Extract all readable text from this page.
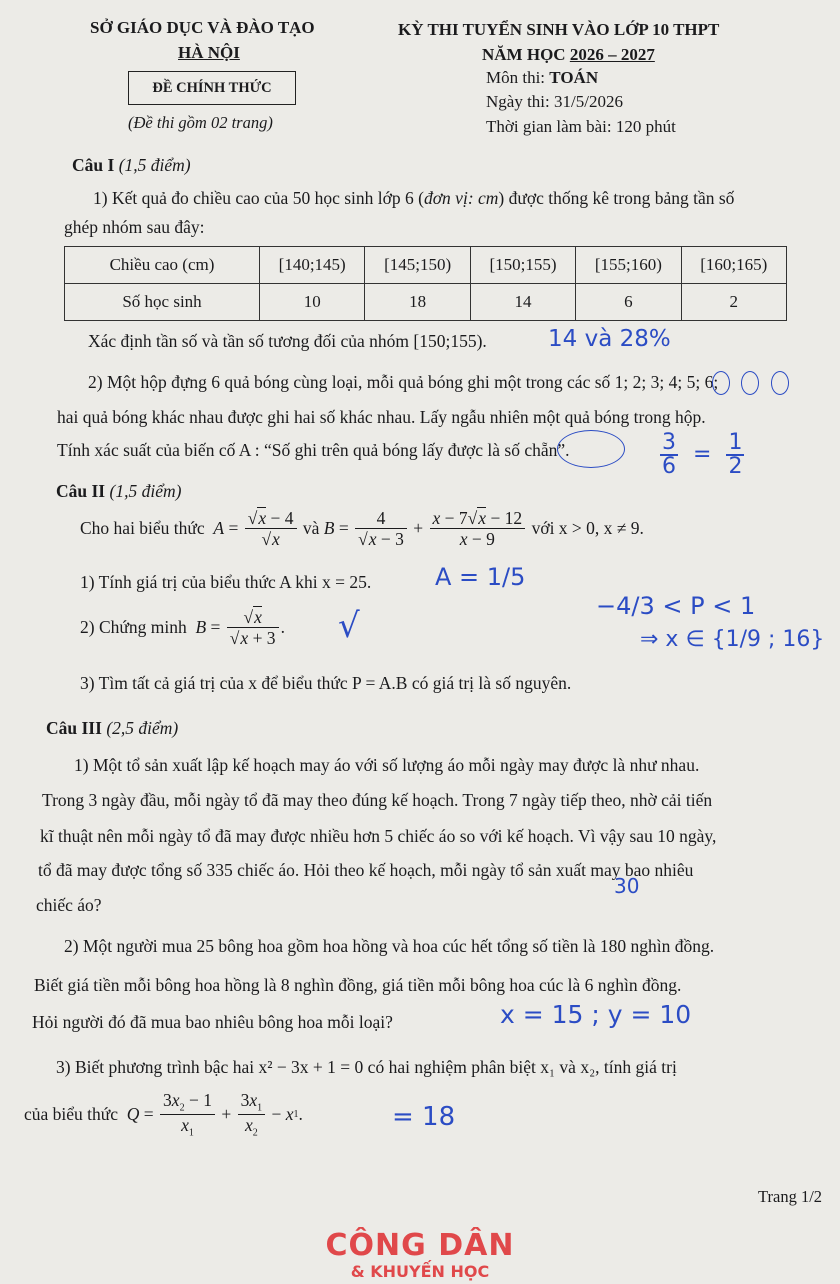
SỞ GIÁO DỤC VÀ ĐÀO TẠO
HÀ NỘI
ĐỀ CHÍNH THỨC
(Đề thi gồm 02 trang)
KỲ THI TUYỂN SINH VÀO LỚP 10 THPT
NĂM HỌC 2026 – 2027
Môn thi: TOÁN
Ngày thi: 31/5/2026
Thời gian làm bài: 120 phút
Câu I (1,5 điểm)
1) Kết quả đo chiều cao của 50 học sinh lớp 6 (đơn vị: cm) được thống kê trong bảng tần số
ghép nhóm sau đây:
Chiều cao (cm)	[140;145)	[145;150)	[150;155)	[155;160)	[160;165)
Số học sinh	10	18	14	6	2
Xác định tần số và tần số tương đối của nhóm [150;155).	14 và 28%
2) Một hộp đựng 6 quả bóng cùng loại, mỗi quả bóng ghi một trong các số 1; 2; 3; 4; 5; 6;
hai quả bóng khác nhau được ghi hai số khác nhau. Lấy ngẫu nhiên một quả bóng trong hộp.
Tính xác suất của biến cố A : “Số ghi trên quả bóng lấy được là số chẵn”.	$\frac{3}{6} = \frac{1}{2}$
Câu II (1,5 điểm)
Cho hai biểu thức
$A = \frac{√x - 4}{√x}$
và
$B = \frac{4}{√x - 3} + \frac{x - 7√x - 12}{x - 9}$
với x > 0, x ≠ 9.
1) Tính giá trị của biểu thức A khi x = 25.	A = 1/5
2) Chứng minh
$B = \frac{√x}{√x + 3}$ . √	−4/3 < P < 1
⇒ x ∈ {1/9 ; 16}
3) Tìm tất cả giá trị của x để biểu thức P = A.B có giá trị là số nguyên.
Câu III (2,5 điểm)
1) Một tổ sản xuất lập kế hoạch may áo với số lượng áo mỗi ngày may được là như nhau.
Trong 3 ngày đầu, mỗi ngày tổ đã may theo đúng kế hoạch. Trong 7 ngày tiếp theo, nhờ cải tiến
kĩ thuật nên mỗi ngày tổ đã may được nhiều hơn 5 chiếc áo so với kế hoạch. Vì vậy sau 10 ngày,
tổ đã may được tổng số 335 chiếc áo. Hỏi theo kế hoạch, mỗi ngày tổ sản xuất may bao nhiêu
30
chiếc áo?
2) Một người mua 25 bông hoa gồm hoa hồng và hoa cúc hết tổng số tiền là 180 nghìn đồng.
Biết giá tiền mỗi bông hoa hồng là 8 nghìn đồng, giá tiền mỗi bông hoa cúc là 6 nghìn đồng.
Hỏi người đó đã mua bao nhiêu bông hoa mỗi loại?	x = 15 ; y = 10
3) Biết phương trình bậc hai x² − 3x + 1 = 0 có hai nghiệm phân biệt x₁ và x₂, tính giá trị
của biểu thức
$Q = \frac{3x_2 - 1}{x_1} + \frac{3x_1}{x_2} - x$ 1 .	= 18
Trang 1/2
CÔNG DÂN
& KHUYẾN HỌC
